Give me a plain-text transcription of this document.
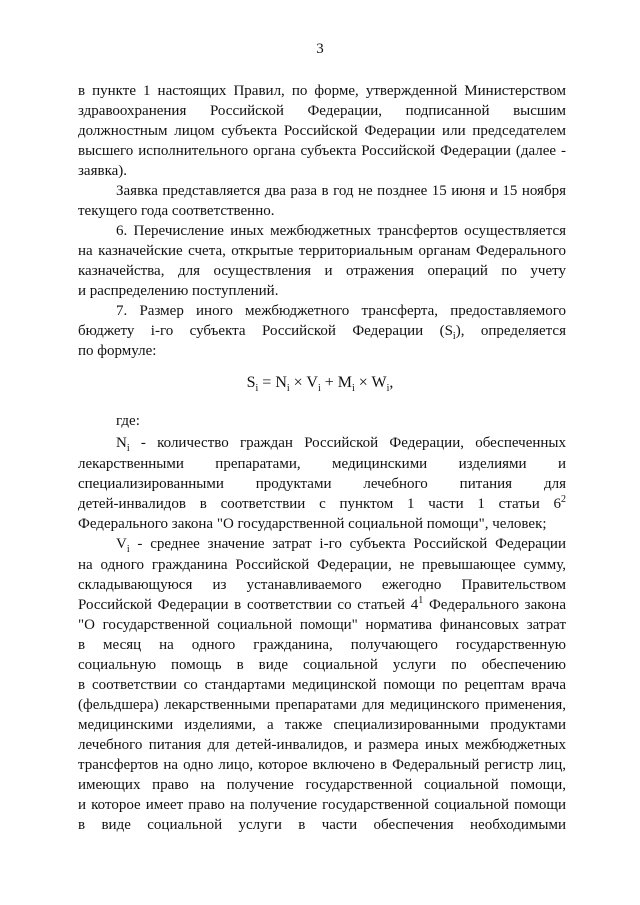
3
в пункте 1 настоящих Правил, по форме, утвержденной Министерством
здравоохранения Российской Федерации, подписанной высшим
должностным лицом субъекта Российской Федерации или председателем
высшего исполнительного органа субъекта Российской Федерации (далее -
заявка).
Заявка представляется два раза в год не позднее 15 июня и 15 ноября
текущего года соответственно.
6. Перечисление иных межбюджетных трансфертов осуществляется
на казначейские счета, открытые территориальным органам Федерального
казначейства, для осуществления и отражения операций по учету
и распределению поступлений.
7. Размер иного межбюджетного трансферта, предоставляемого
бюджету i-го субъекта Российской Федерации $(S_i)$, определяется
по формуле:
$S_i = N_i \times V_i + M_i \times W_i$,
где:
$N_i$ - количество граждан Российской Федерации, обеспеченных
лекарственными препаратами, медицинскими изделиями и
специализированными продуктами лечебного питания для
детей-инвалидов в соответствии с пунктом 1 части 1 статьи $6^2$
Федерального закона "О государственной социальной помощи", человек;
$V_i$ - среднее значение затрат i-го субъекта Российской Федерации
на одного гражданина Российской Федерации, не превышающее сумму,
складывающуюся из устанавливаемого ежегодно Правительством
Российской Федерации в соответствии со статьей $4^1$ Федерального закона
"О государственной социальной помощи" норматива финансовых затрат
в месяц на одного гражданина, получающего государственную
социальную помощь в виде социальной услуги по обеспечению
в соответствии со стандартами медицинской помощи по рецептам врача
(фельдшера) лекарственными препаратами для медицинского применения,
медицинскими изделиями, а также специализированными продуктами
лечебного питания для детей-инвалидов, и размера иных межбюджетных
трансфертов на одно лицо, которое включено в Федеральный регистр лиц,
имеющих право на получение государственной социальной помощи,
и которое имеет право на получение государственной социальной помощи
в виде социальной услуги в части обеспечения необходимыми
